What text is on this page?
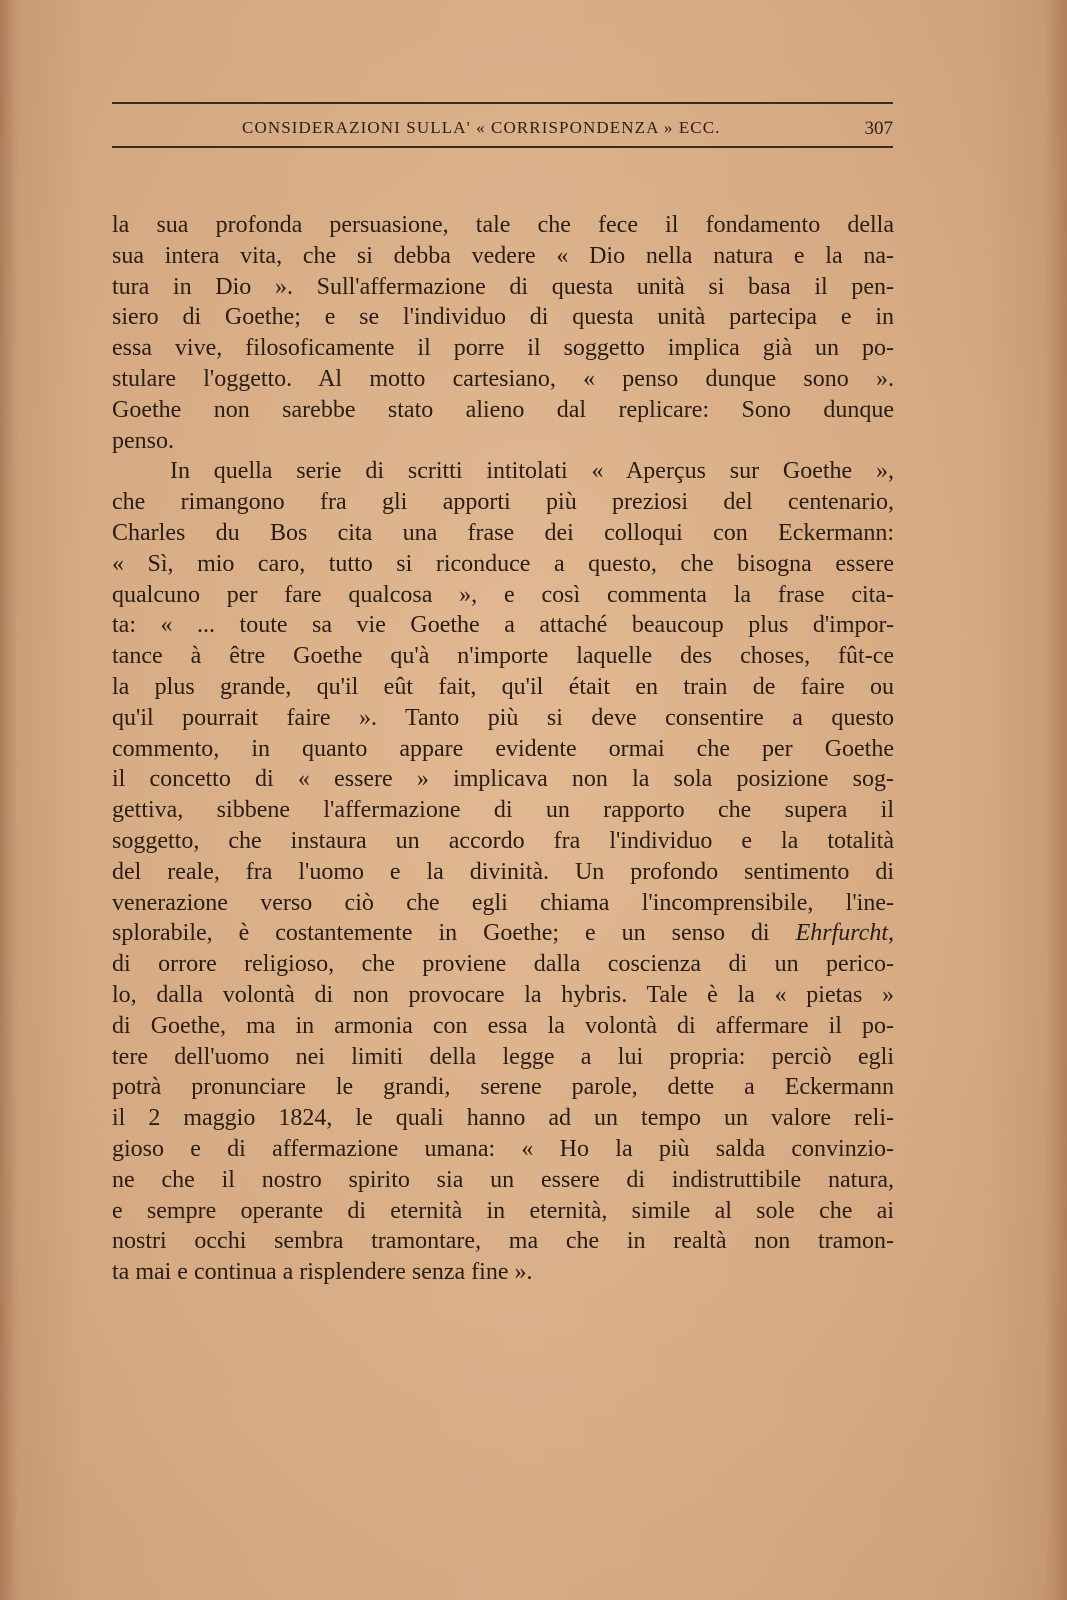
CONSIDERAZIONI SULLA' « CORRISPONDENZA » ECC.	307
la sua profonda persuasione, tale che fece il fondamento della
sua intera vita, che si debba vedere « Dio nella natura e la na-
tura in Dio ». Sull'affermazione di questa unità si basa il pen-
siero di Goethe; e se l'individuo di questa unità partecipa e in
essa vive, filosoficamente il porre il soggetto implica già un po-
stulare l'oggetto. Al motto cartesiano, « penso dunque sono ».
Goethe non sarebbe stato alieno dal replicare: Sono dunque
penso.
In quella serie di scritti intitolati « Aperçus sur Goethe »,
che rimangono fra gli apporti più preziosi del centenario,
Charles du Bos cita una frase dei colloqui con Eckermann:
« Sì, mio caro, tutto si riconduce a questo, che bisogna essere
qualcuno per fare qualcosa », e così commenta la frase cita-
ta: « ... toute sa vie Goethe a attaché beaucoup plus d'impor-
tance à être Goethe qu'à n'importe laquelle des choses, fût-ce
la plus grande, qu'il eût fait, qu'il était en train de faire ou
qu'il pourrait faire ». Tanto più si deve consentire a questo
commento, in quanto appare evidente ormai che per Goethe
il concetto di « essere » implicava non la sola posizione sog-
gettiva, sibbene l'affermazione di un rapporto che supera il
soggetto, che instaura un accordo fra l'individuo e la totalità
del reale, fra l'uomo e la divinità. Un profondo sentimento di
venerazione verso ciò che egli chiama l'incomprensibile, l'ine-
splorabile, è costantemente in Goethe; e un senso di Ehrfurcht,
di orrore religioso, che proviene dalla coscienza di un perico-
lo, dalla volontà di non provocare la hybris. Tale è la « pietas »
di Goethe, ma in armonia con essa la volontà di affermare il po-
tere dell'uomo nei limiti della legge a lui propria: perciò egli
potrà pronunciare le grandi, serene parole, dette a Eckermann
il 2 maggio 1824, le quali hanno ad un tempo un valore reli-
gioso e di affermazione umana: « Ho la più salda convinzio-
ne che il nostro spirito sia un essere di indistruttibile natura,
e sempre operante di eternità in eternità, simile al sole che ai
nostri occhi sembra tramontare, ma che in realtà non tramon-
ta mai e continua a risplendere senza fine ».
